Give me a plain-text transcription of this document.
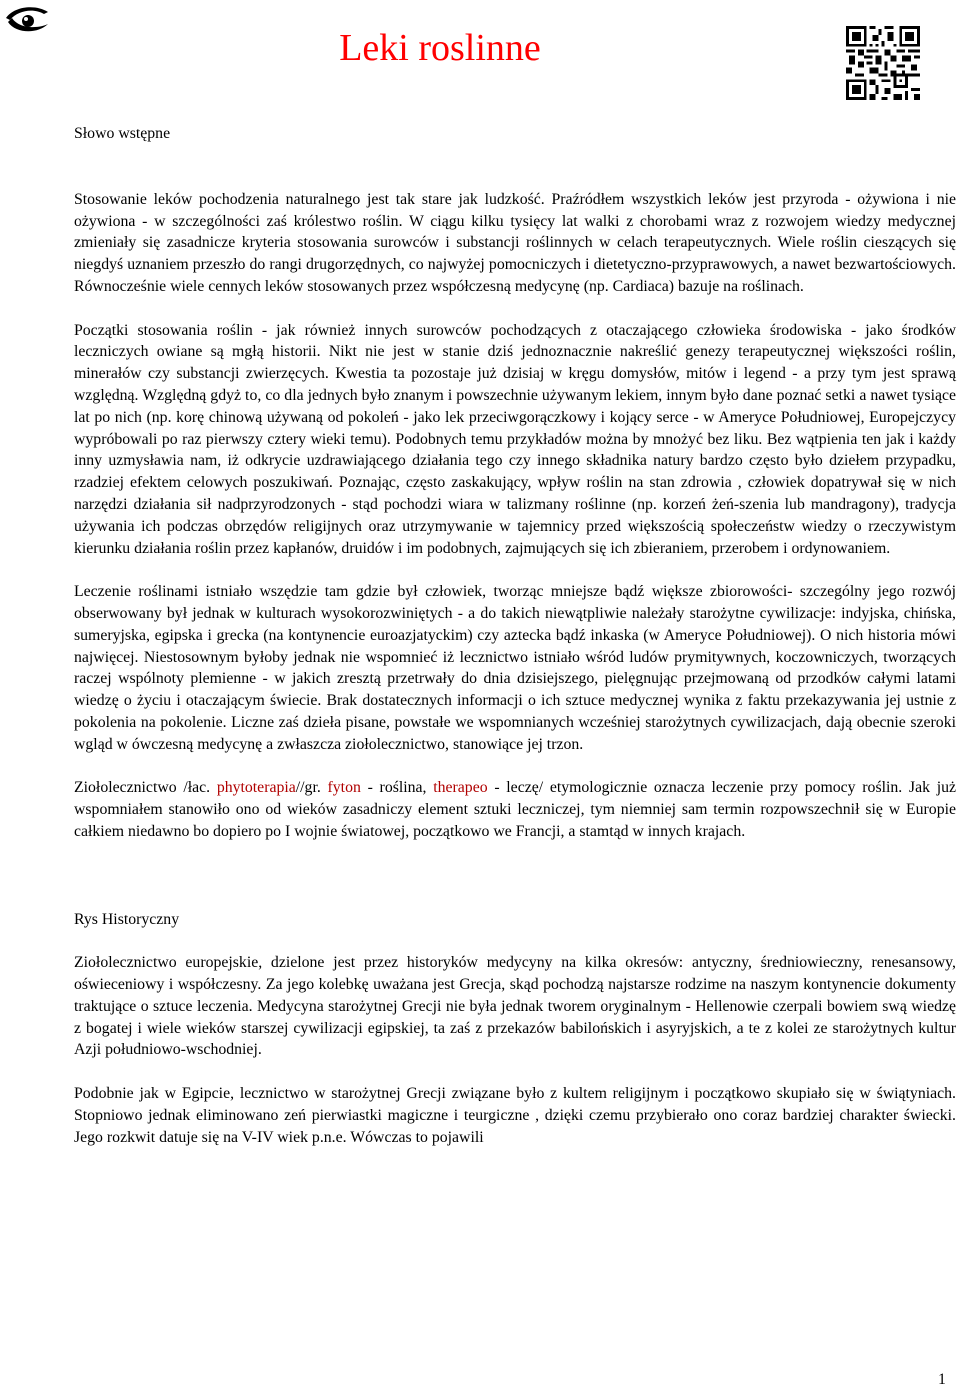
Leki roslinne

Słowo wstępne

Stosowanie leków pochodzenia naturalnego jest tak stare jak ludzkość. Praźródłem wszystkich leków jest przyroda - ożywiona i nie ożywiona - w szczególności zaś królestwo roślin. W ciągu kilku tysięcy lat walki z chorobami wraz z rozwojem wiedzy medycznej zmieniały się zasadnicze kryteria stosowania surowców i substancji roślinnych w celach terapeutycznych. Wiele roślin cieszących się niegdyś uznaniem przeszło do rangi drugorzędnych, co najwyżej pomocniczych i dietetyczno-przyprawowych, a nawet bezwartościowych. Równocześnie wiele cennych leków stosowanych przez współczesną medycynę (np. Cardiaca) bazuje na roślinach.

Początki stosowania roślin - jak również innych surowców pochodzących z otaczającego człowieka środowiska - jako środków leczniczych owiane są mgłą historii. Nikt nie jest w stanie dziś jednoznacznie nakreślić genezy terapeutycznej większości roślin, minerałów czy substancji zwierzęcych. Kwestia ta pozostaje już dzisiaj w kręgu domysłów, mitów i legend - a przy tym jest sprawą względną. Względną gdyż to, co dla jednych było znanym i powszechnie używanym lekiem, innym było dane poznać setki a nawet tysiące lat po nich (np. korę chinową używaną od pokoleń - jako lek przeciwgorączkowy i kojący serce - w Ameryce Południowej, Europejczycy wypróbowali po raz pierwszy cztery wieki temu). Podobnych temu przykładów można by mnożyć bez liku. Bez wątpienia ten jak i każdy inny uzmysławia nam, iż odkrycie uzdrawiającego działania tego czy innego składnika natury bardzo często było dziełem przypadku, rzadziej efektem celowych poszukiwań. Poznając, często zaskakujący, wpływ roślin na stan zdrowia , człowiek dopatrywał się w nich narzędzi działania sił nadprzyrodzonych - stąd pochodzi wiara w talizmany roślinne (np. korzeń żeń-szenia lub mandragony), tradycja używania ich podczas obrzędów religijnych oraz utrzymywanie w tajemnicy przed większością społeczeństw wiedzy o rzeczywistym kierunku działania roślin przez kapłanów, druidów i im podobnych, zajmujących się ich zbieraniem, przerobem i ordynowaniem.

Leczenie roślinami istniało wszędzie tam gdzie był człowiek, tworząc mniejsze bądź większe zbiorowości- szczególny jego rozwój obserwowany był jednak w kulturach wysokorozwiniętych - a do takich niewątpliwie należały starożytne cywilizacje: indyjska, chińska, sumeryjska, egipska i grecka (na kontynencie euroazjatyckim) czy aztecka bądź inkaska (w Ameryce Południowej). O nich historia mówi najwięcej. Niestosownym byłoby jednak nie wspomnieć iż lecznictwo istniało wśród ludów prymitywnych, koczowniczych, tworzących raczej wspólnoty plemienne - w jakich zresztą przetrwały do dnia dzisiejszego, pielęgnując przejmowaną od przodków całymi latami wiedzę o życiu i otaczającym świecie. Brak dostatecznych informacji o ich sztuce medycznej wynika z faktu przekazywania jej ustnie z pokolenia na pokolenie. Liczne zaś dzieła pisane, powstałe we wspomnianych wcześniej starożytnych cywilizacjach, dają obecnie szeroki wgląd w ówczesną medycynę a zwłaszcza ziołolecznictwo, stanowiące jej trzon.

Ziołolecznictwo /łac. phytoterapia//gr. fyton - roślina, therapeo - leczę/ etymologicznie oznacza leczenie przy pomocy roślin. Jak już wspomniałem stanowiło ono od wieków zasadniczy element sztuki leczniczej, tym niemniej sam termin rozpowszechnił się w Europie całkiem niedawno bo dopiero po I wojnie światowej, początkowo we Francji, a stamtąd w innych krajach.

Rys Historyczny

Ziołolecznictwo europejskie, dzielone jest przez historyków medycyny na kilka okresów: antyczny, średniowieczny, renesansowy, oświeceniowy i współczesny. Za jego kolebkę uważana jest Grecja, skąd pochodzą najstarsze rodzime na naszym kontynencie dokumenty traktujące o sztuce leczenia. Medycyna starożytnej Grecji nie była jednak tworem oryginalnym - Hellenowie czerpali bowiem swą wiedzę z bogatej i wiele wieków starszej cywilizacji egipskiej, ta zaś z przekazów babilońskich i asyryjskich, a te z kolei ze starożytnych kultur Azji południowo-wschodniej.

Podobnie jak w Egipcie, lecznictwo w starożytnej Grecji związane było z kultem religijnym i początkowo skupiało się w świątyniach. Stopniowo jednak eliminowano zeń pierwiastki magiczne i teurgiczne , dzięki czemu przybierało ono coraz bardziej charakter świecki. Jego rozkwit datuje się na V-IV wiek p.n.e. Wówczas to pojawili

1
